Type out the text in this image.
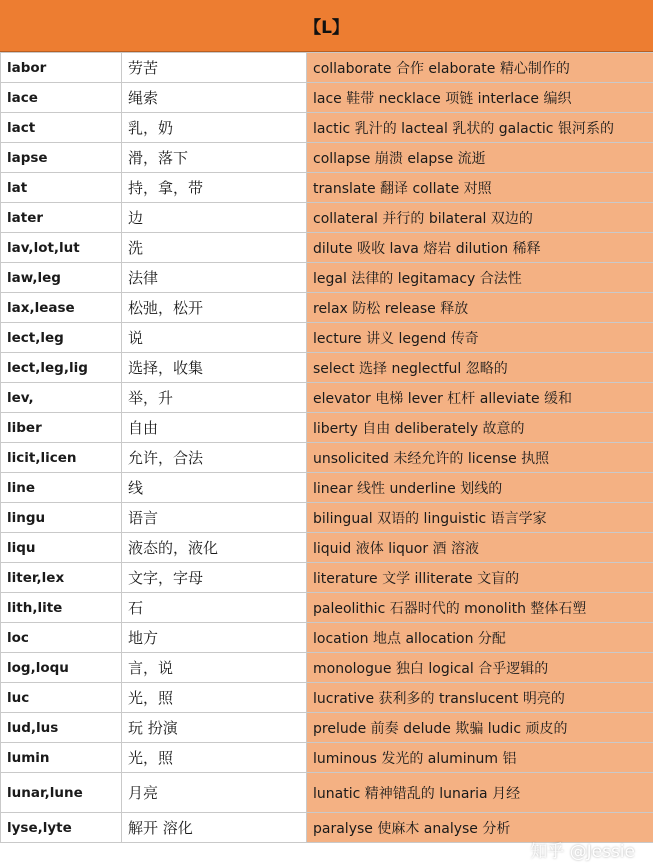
【L】
labor	劳苦	collaborate 合作 elaborate 精心制作的
lace	绳索	lace 鞋带 necklace 项链 interlace 编织
lact	乳，奶	lactic 乳汁的 lacteal 乳状的 galactic 银河系的
lapse	滑，落下	collapse 崩溃 elapse 流逝
lat	持，拿，带	translate 翻译 collate 对照
later	边	collateral 并行的 bilateral 双边的
lav,lot,lut	洗	dilute 吸收 lava 熔岩 dilution 稀释
law,leg	法律	legal 法律的 legitamacy 合法性
lax,lease	松弛，松开	relax 防松 release 释放
lect,leg	说	lecture 讲义 legend 传奇
lect,leg,lig	选择，收集	select 选择 neglectful 忽略的
lev,	举，升	elevator 电梯 lever 杠杆 alleviate 缓和
liber	自由	liberty 自由 deliberately 故意的
licit,licen	允许，合法	unsolicited 未经允许的 license 执照
line	线	linear 线性 underline 划线的
lingu	语言	bilingual 双语的 linguistic 语言学家
liqu	液态的，液化	liquid 液体 liquor 酒 溶液
liter,lex	文字，字母	literature 文学 illiterate 文盲的
lith,lite	石	paleolithic 石器时代的 monolith 整体石塑
loc	地方	location 地点 allocation 分配
log,loqu	言，说	monologue 独白 logical 合乎逻辑的
luc	光，照	lucrative 获利多的 translucent 明亮的
lud,lus	玩 扮演	prelude 前奏 delude 欺骗 ludic 顽皮的
lumin	光，照	luminous 发光的 aluminum 铝
lunar,lune	月亮	lunatic 精神错乱的 lunaria 月经
lyse,lyte	解开 溶化	paralyse 使麻木 analyse 分析
知乎 @Jessie
